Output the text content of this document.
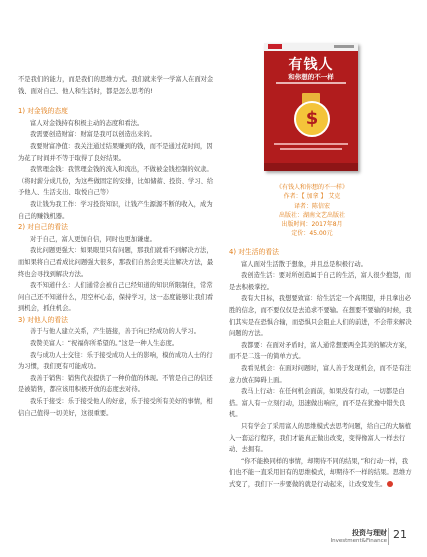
不是我们的能力，而是我们的思维方式。我们就来学一学富人在面对金钱、面对自己、他人和生活时，都是怎么思考的!

1) 对金钱的态度

富人对金钱持有积极主动的态度和看法。

我需要创造财富：财富是我可以创造出来的。

我要财富净值：我关注通过结果赚到的钱，而不是通过花时间，因为花了时间并不等于取得了良好结果。

我管理金钱：我管理金钱的流入和流出，不做被金钱控制的奴隶。（将时薪分成几份，为这些做固定的安排，比如储蓄、投资、学习、给予他人、生活支出、取悦自己等）

我让钱为我工作：学习投资知识，让钱产生源源不断的收入，成为自己的赚钱机器。

2) 对自己的看法

对于自己，富人更加自信，同时也更加谦虚。

我比问题更强大：如果眼里只有问题，那我们就看不到解决方法，而如果将自己看成比问题强大很多，那我们自然会更关注解决方法，最终也会寻找到解决方法。

我不知道什么：人们通常会被自己已经知道的知识所限制住，常常问自己还不知道什么，用空杯心态，保持学习，这一态度能够让我们看到机会，抓住机会。

3) 对他人的看法

善于与他人建立关系，产生链接，善于向已经成功的人学习。

我赞美富人：“祝福你所希望的。”这是一种人生态度。

我与成功人士交往：乐于接受成功人士的影响，模仿成功人士的行为习惯，我们更有可能成功。

我善于销售：销售代表提供了一种价值的体现。不管是自己的信还是被销售，都应该用积极开放的态度去对待。

我乐于接受：乐于接受他人的好意，乐于接受所有美好的事情，相信自己值得一切美好，这很重要。

有钱人
和你想的不一样
$
《有钱人和你想的不一样》
作者：【 加拿 】 艾克
译者：陈信宏
出版社：湖南文艺出版社
出版时间：2017年8月
定价：45.00元

4) 对生活的看法

富人面对生活散于想象，并且总是积极行动。

我创造生活：要对所创造属于自己的生活，富人很少抱怨，而是去积极掌控。

我有大目标，我想要致富：给生活定一个高期望，并且拿出必胜的信念，而不要仅仅是去追求不要输。在想要不要输的时候，我们其实是在恐惧合输，而恐惧只会阻止人们的前进，不会带来解决问题的方法。

我都要：在面对矛盾时，富人通常想要两全其美的解决方案，而不是二选一的简单方式。

我看见机会：在面对问题时，富人善于发现机会，而不是有注意力放在障碍上面。

我马上行动：在任何机会面前，如果没有行动，一切都是白搭。富人有一立刻行动，迅速做出响应，而不是在犹豫中错失良机。

只有学会了采用富人的思维模式去思考问题，给自己的大脑植入一套运行程序，我们才能真正做出改变，变得像富人一样去行动、去拥有。

“你不能换同样的事情，却期待不同的结果，”和行动一样，我们也不能一直采用旧有的思维模式，却期待不一样的结果。思维方式变了，我们下一步要做的就是行动起来，让改变发生。

投资与理财
Investment&Finance 21
